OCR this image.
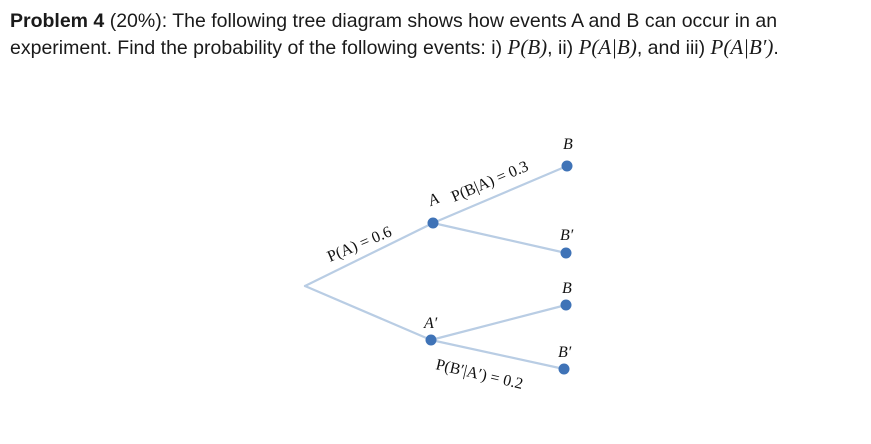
Problem 4 (20%): The following tree diagram shows how events A and B can occur in an
experiment. Find the probability of the following events: i) P(B), ii) P(A|B), and iii) P(A|B′).
B
B′
B
B′
A′
A P(B|A) = 0.3
P(A) = 0.6
P(B′|A′) = 0.2
